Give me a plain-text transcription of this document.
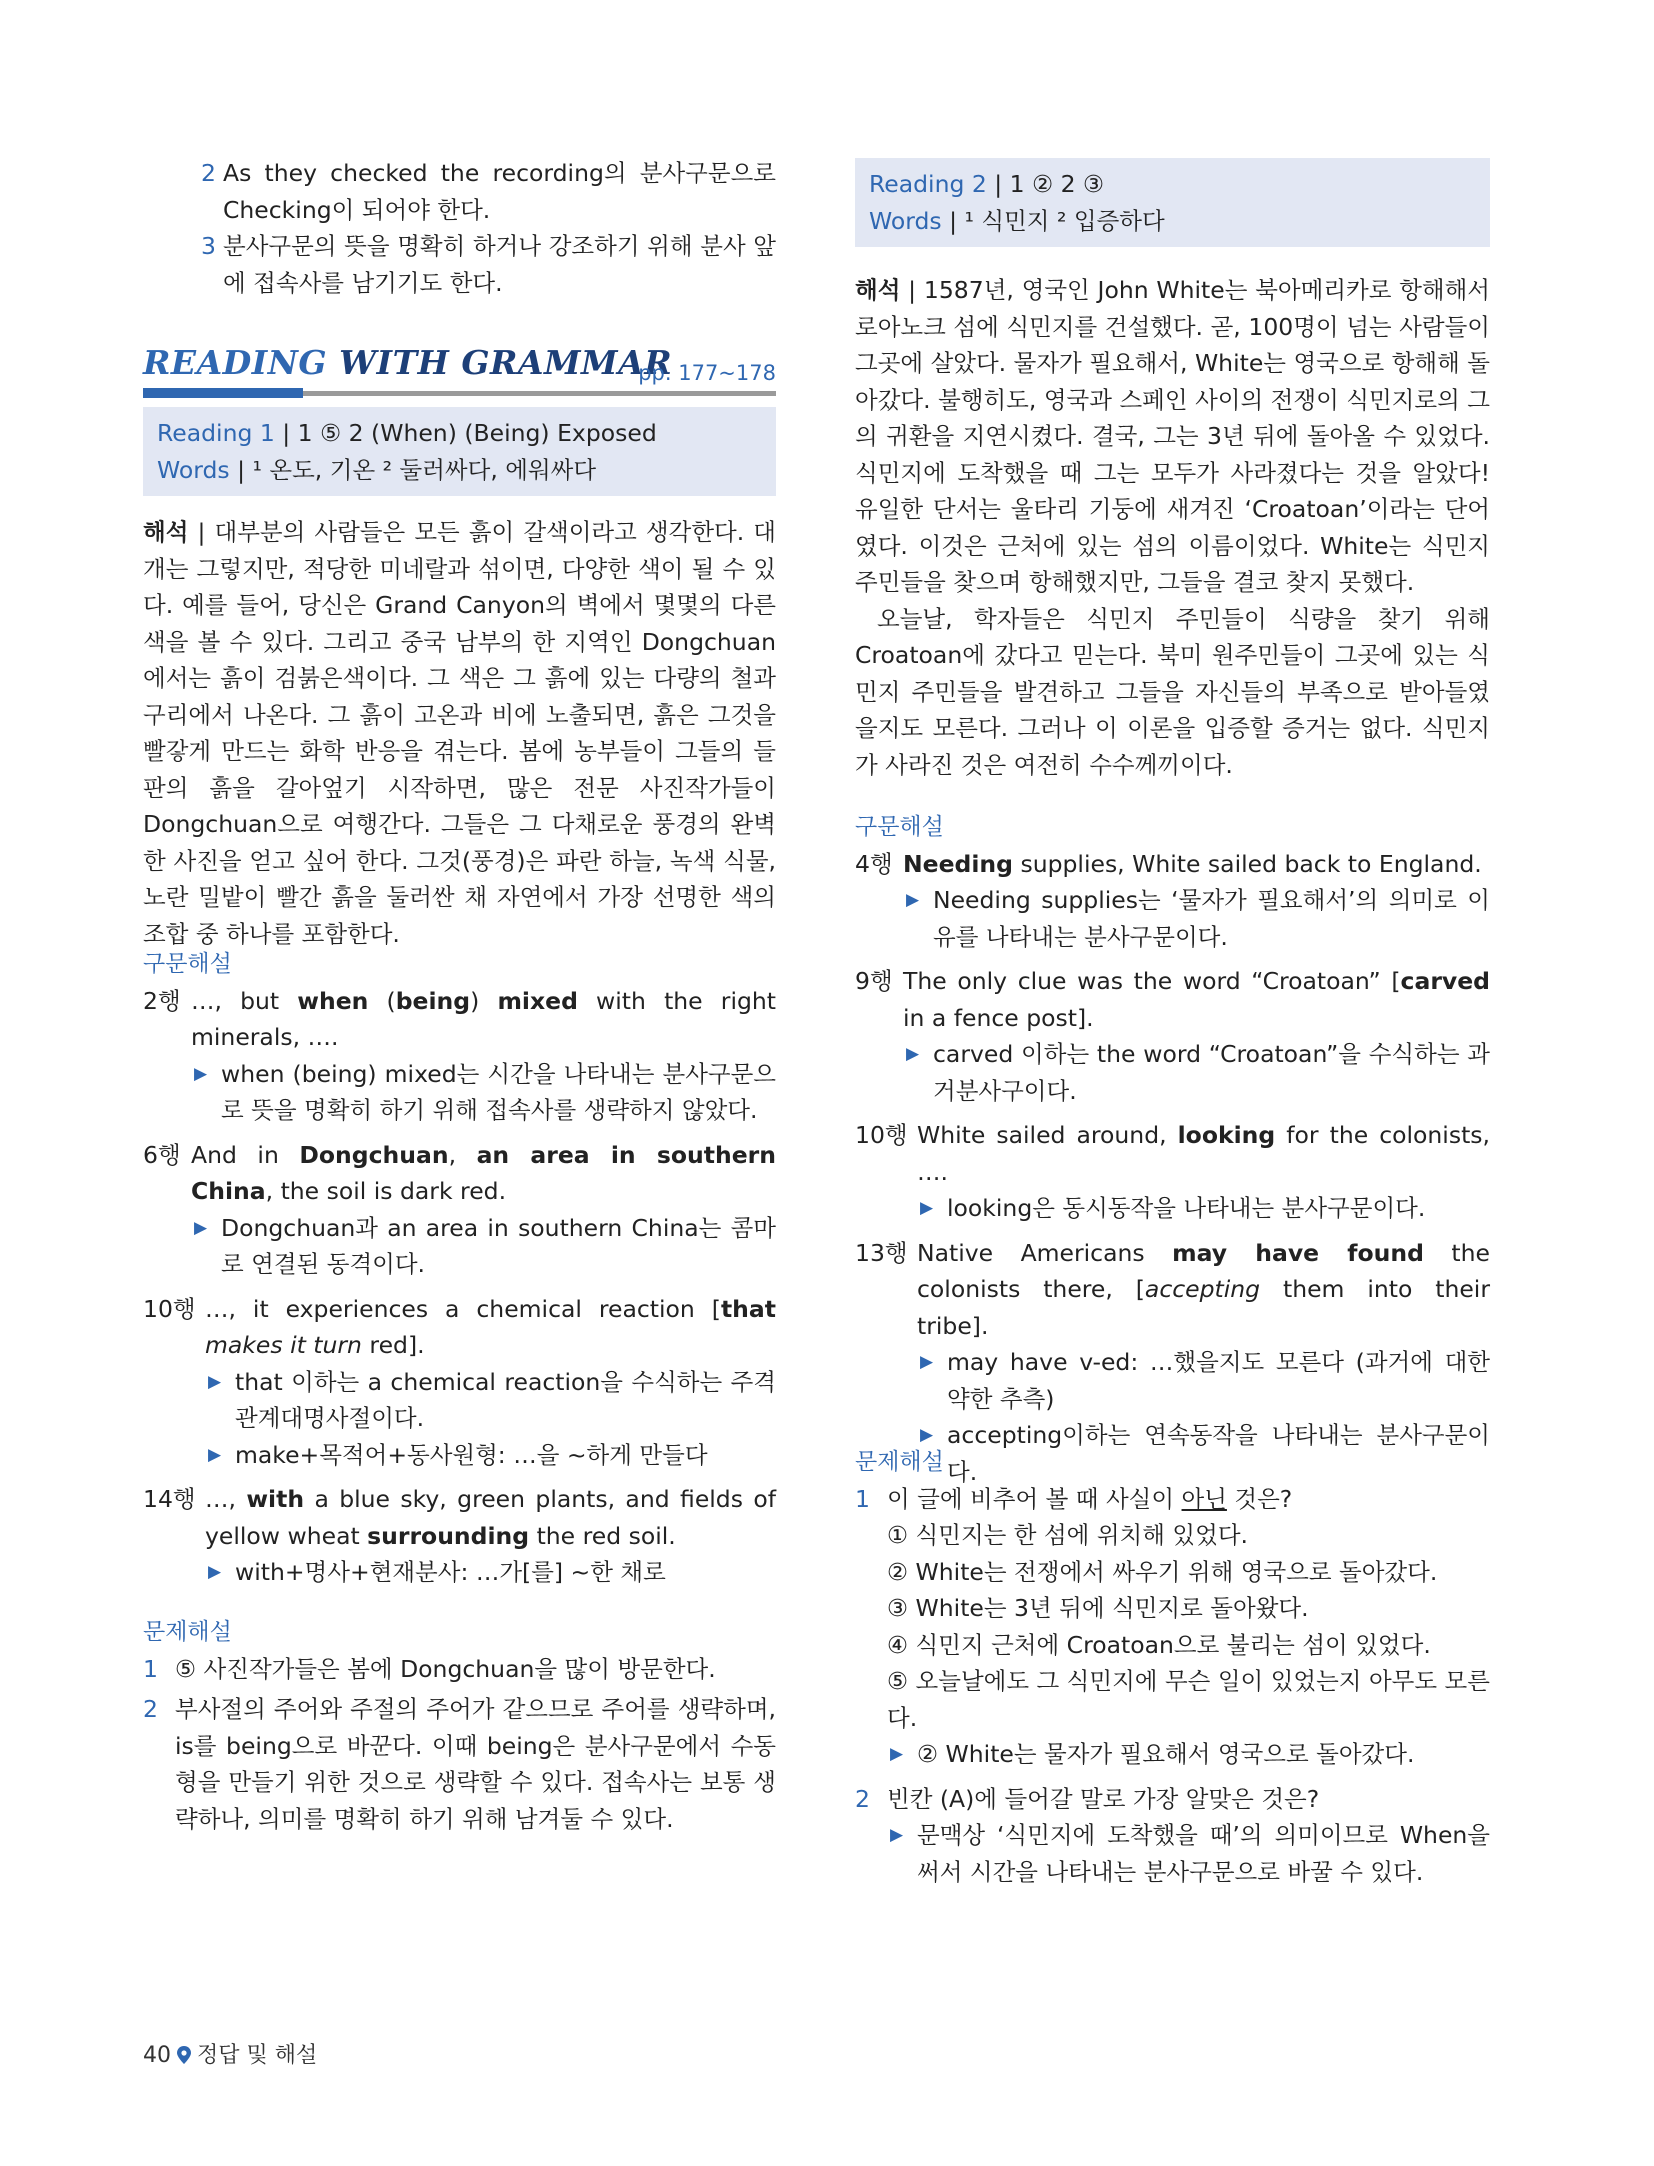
2 As they checked the recording의 분사구문으로 Checking이 되어야 한다.
3 분사구문의 뜻을 명확히 하거나 강조하기 위해 분사 앞에 접속사를 남기기도 한다.
READING WITH GRAMMAR
pp. 177~178
Reading 1 | 1 ⑤ 2 (When) (Being) Exposed
Words | ¹ 온도, 기온 ² 둘러싸다, 에워싸다
해석 | 대부분의 사람들은 모든 흙이 갈색이라고 생각한다. 대개는 그렇지만, 적당한 미네랄과 섞이면, 다양한 색이 될 수 있다. 예를 들어, 당신은 Grand Canyon의 벽에서 몇몇의 다른 색을 볼 수 있다. 그리고 중국 남부의 한 지역인 Dongchuan에서는 흙이 검붉은색이다. 그 색은 그 흙에 있는 다량의 철과 구리에서 나온다. 그 흙이 고온과 비에 노출되면, 흙은 그것을 빨갛게 만드는 화학 반응을 겪는다. 봄에 농부들이 그들의 들판의 흙을 갈아엎기 시작하면, 많은 전문 사진작가들이 Dongchuan으로 여행간다. 그들은 그 다채로운 풍경의 완벽한 사진을 얻고 싶어 한다. 그것(풍경)은 파란 하늘, 녹색 식물, 노란 밀밭이 빨간 흙을 둘러싼 채 자연에서 가장 선명한 색의 조합 중 하나를 포함한다.
구문해설
2행 …, but when (being) mixed with the right minerals, ….
▶ when (being) mixed는 시간을 나타내는 분사구문으로 뜻을 명확히 하기 위해 접속사를 생략하지 않았다.
6행 And in Dongchuan, an area in southern China, the soil is dark red.
▶ Dongchuan과 an area in southern China는 콤마로 연결된 동격이다.
10행 …, it experiences a chemical reaction [that makes it turn red].
▶ that 이하는 a chemical reaction을 수식하는 주격 관계대명사절이다.
▶ make+목적어+동사원형: …을 ~하게 만들다
14행 …, with a blue sky, green plants, and fields of yellow wheat surrounding the red soil.
▶ with+명사+현재분사: …가[를] ~한 채로
문제해설
1 ⑤ 사진작가들은 봄에 Dongchuan을 많이 방문한다.
2 부사절의 주어와 주절의 주어가 같으므로 주어를 생략하며, is를 being으로 바꾼다. 이때 being은 분사구문에서 수동형을 만들기 위한 것으로 생략할 수 있다. 접속사는 보통 생략하나, 의미를 명확히 하기 위해 남겨둘 수 있다.
Reading 2 | 1 ② 2 ③
Words | ¹ 식민지 ² 입증하다
해석 | 1587년, 영국인 John White는 북아메리카로 항해해서 로아노크 섬에 식민지를 건설했다. 곧, 100명이 넘는 사람들이 그곳에 살았다. 물자가 필요해서, White는 영국으로 항해해 돌아갔다. 불행히도, 영국과 스페인 사이의 전쟁이 식민지로의 그의 귀환을 지연시켰다. 결국, 그는 3년 뒤에 돌아올 수 있었다. 식민지에 도착했을 때 그는 모두가 사라졌다는 것을 알았다! 유일한 단서는 울타리 기둥에 새겨진 ‘Croatoan’이라는 단어였다. 이것은 근처에 있는 섬의 이름이었다. White는 식민지 주민들을 찾으며 항해했지만, 그들을 결코 찾지 못했다.
오늘날, 학자들은 식민지 주민들이 식량을 찾기 위해 Croatoan에 갔다고 믿는다. 북미 원주민들이 그곳에 있는 식민지 주민들을 발견하고 그들을 자신들의 부족으로 받아들였을지도 모른다. 그러나 이 이론을 입증할 증거는 없다. 식민지가 사라진 것은 여전히 수수께끼이다.
구문해설
4행 Needing supplies, White sailed back to England.
▶ Needing supplies는 ‘물자가 필요해서’의 의미로 이유를 나타내는 분사구문이다.
9행 The only clue was the word “Croatoan” [carved in a fence post].
▶ carved 이하는 the word “Croatoan”을 수식하는 과거분사구이다.
10행 White sailed around, looking for the colonists, ….
▶ looking은 동시동작을 나타내는 분사구문이다.
13행 Native Americans may have found the colonists there, [accepting them into their tribe].
▶ may have v-ed: …했을지도 모른다 (과거에 대한 약한 추측)
▶ accepting이하는 연속동작을 나타내는 분사구문이다.
문제해설
1 이 글에 비추어 볼 때 사실이 아닌 것은?
① 식민지는 한 섬에 위치해 있었다.
② White는 전쟁에서 싸우기 위해 영국으로 돌아갔다.
③ White는 3년 뒤에 식민지로 돌아왔다.
④ 식민지 근처에 Croatoan으로 불리는 섬이 있었다.
⑤ 오늘날에도 그 식민지에 무슨 일이 있었는지 아무도 모른다.
▶ ② White는 물자가 필요해서 영국으로 돌아갔다.
2 빈칸 (A)에 들어갈 말로 가장 알맞은 것은?
▶ 문맥상 ‘식민지에 도착했을 때’의 의미이므로 When을 써서 시간을 나타내는 분사구문으로 바꿀 수 있다.
40 정답 및 해설
